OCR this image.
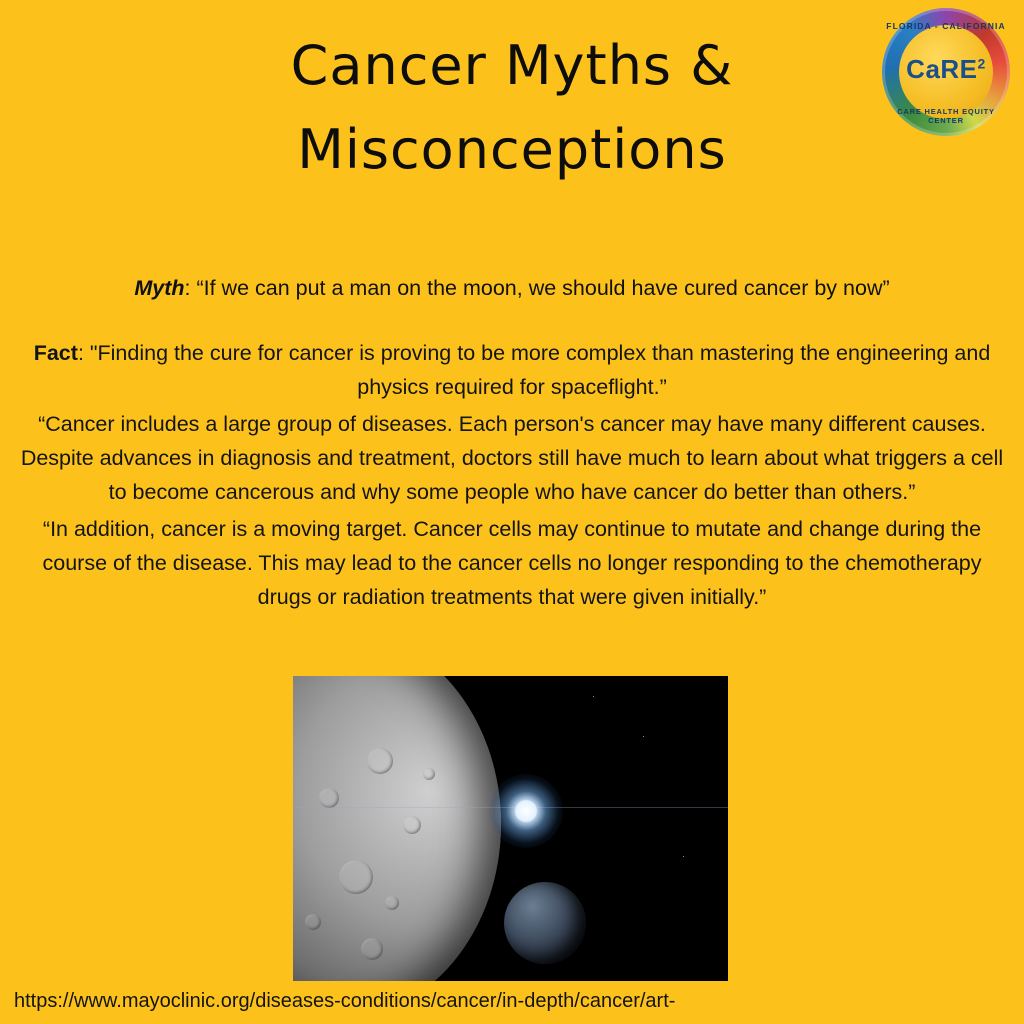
Cancer Myths &
Misconceptions
FLORIDA - CALIFORNIA
CaRE$^2$
CARE HEALTH EQUITY CENTER

Myth: “If we can put a man on the moon, we should have cured cancer by now”

Fact: "Finding the cure for cancer is proving to be more complex than mastering the engineering and physics required for spaceflight.”

“Cancer includes a large group of diseases. Each person's cancer may have many different causes. Despite advances in diagnosis and treatment, doctors still have much to learn about what triggers a cell to become cancerous and why some people who have cancer do better than others.”

“In addition, cancer is a moving target. Cancer cells may continue to mutate and change during the course of the disease. This may lead to the cancer cells no longer responding to the chemotherapy drugs or radiation treatments that were given initially.”

https://www.mayoclinic.org/diseases-conditions/cancer/in-depth/cancer/art-
